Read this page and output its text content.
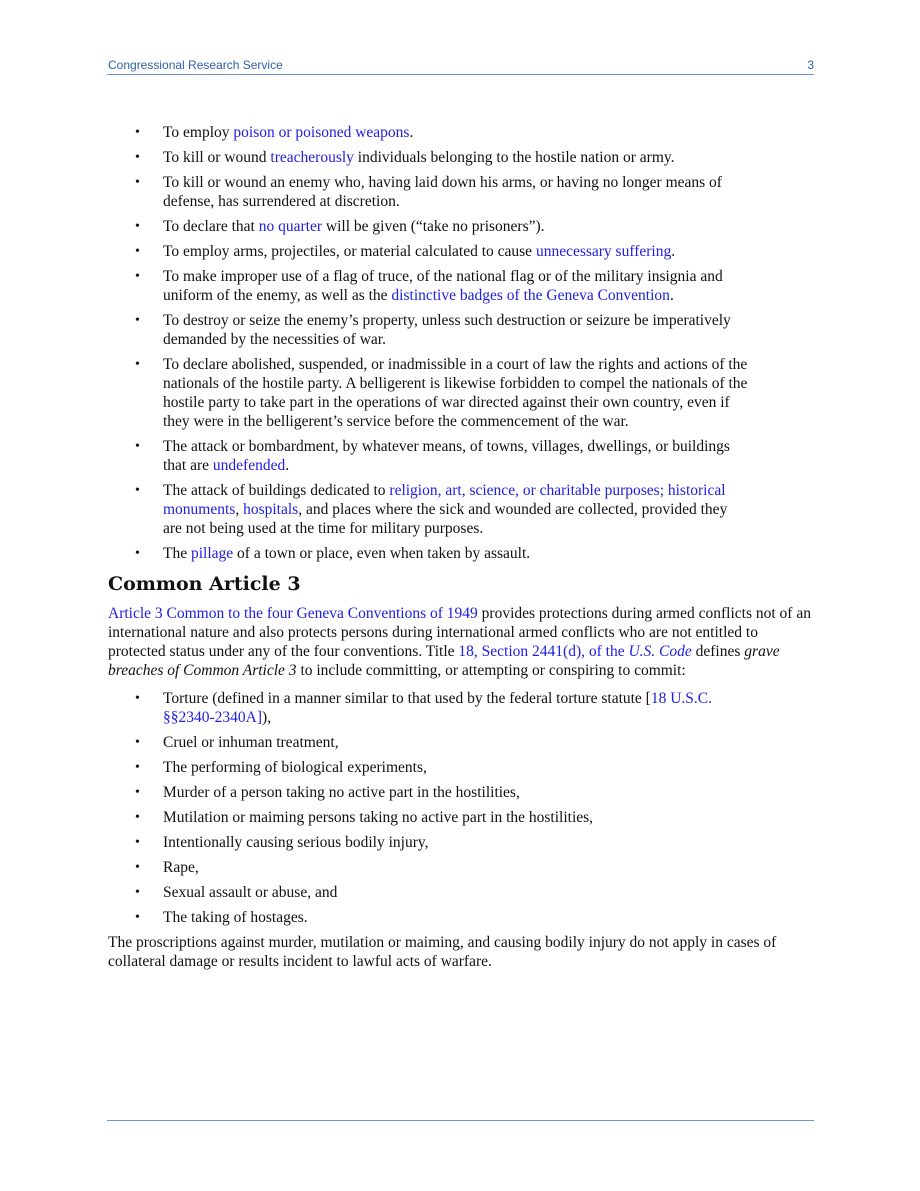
Congressional Research Service	3
• To employ poison or poisoned weapons.
• To kill or wound treacherously individuals belonging to the hostile nation or army.
• To kill or wound an enemy who, having laid down his arms, or having no longer means of defense, has surrendered at discretion.
• To declare that no quarter will be given (“take no prisoners”).
• To employ arms, projectiles, or material calculated to cause unnecessary suffering.
• To make improper use of a flag of truce, of the national flag or of the military insignia and uniform of the enemy, as well as the distinctive badges of the Geneva Convention.
• To destroy or seize the enemy’s property, unless such destruction or seizure be imperatively demanded by the necessities of war.
• To declare abolished, suspended, or inadmissible in a court of law the rights and actions of the nationals of the hostile party. A belligerent is likewise forbidden to compel the nationals of the hostile party to take part in the operations of war directed against their own country, even if they were in the belligerent’s service before the commencement of the war.
• The attack or bombardment, by whatever means, of towns, villages, dwellings, or buildings that are undefended.
• The attack of buildings dedicated to religion, art, science, or charitable purposes; historical monuments, hospitals, and places where the sick and wounded are collected, provided they are not being used at the time for military purposes.
• The pillage of a town or place, even when taken by assault.
Common Article 3

Article 3 Common to the four Geneva Conventions of 1949 provides protections during armed conflicts not of an international nature and also protects persons during international armed conflicts who are not entitled to protected status under any of the four conventions. Title 18, Section 2441(d), of the U.S. Code defines grave breaches of Common Article 3 to include committing, or attempting or conspiring to commit:

• Torture (defined in a manner similar to that used by the federal torture statute [18 U.S.C. §§2340-2340A]),
• Cruel or inhuman treatment,
• The performing of biological experiments,
• Murder of a person taking no active part in the hostilities,
• Mutilation or maiming persons taking no active part in the hostilities,
• Intentionally causing serious bodily injury,
• Rape,
• Sexual assault or abuse, and
• The taking of hostages.

The proscriptions against murder, mutilation or maiming, and causing bodily injury do not apply in cases of collateral damage or results incident to lawful acts of warfare.
